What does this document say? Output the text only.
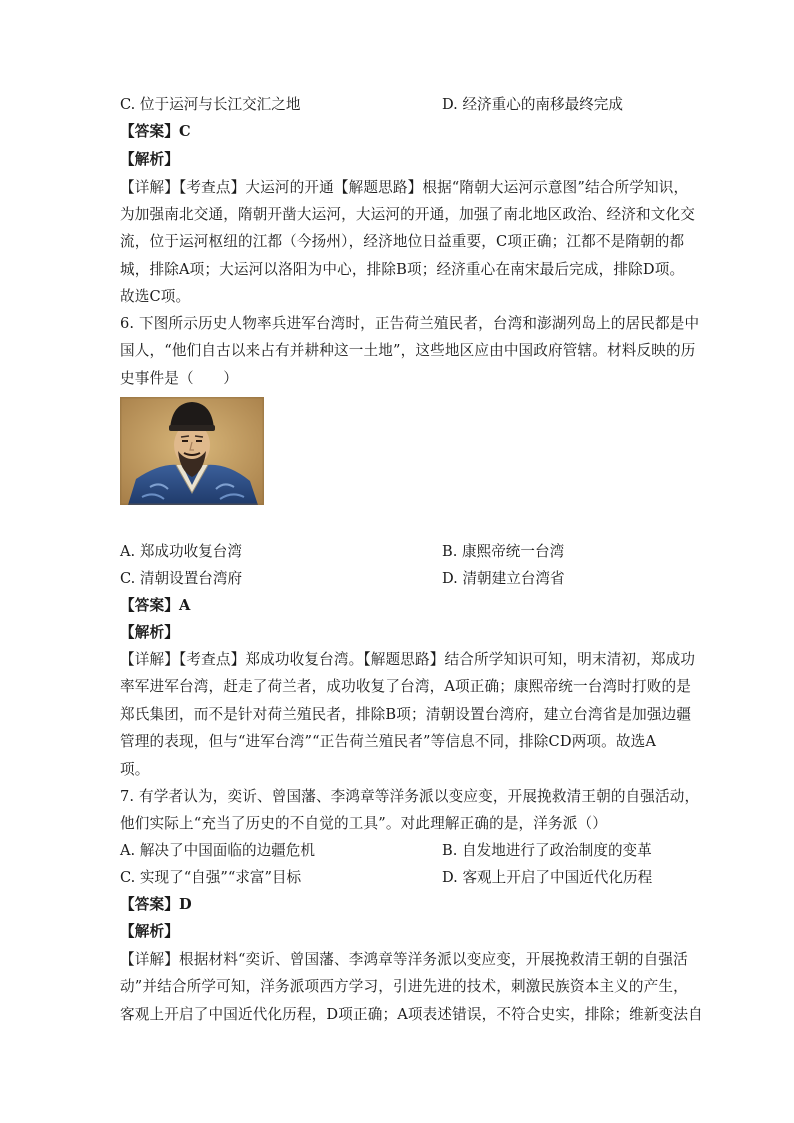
C. 位于运河与长江交汇之地	D. 经济重心的南移最终完成
【答案】C
【解析】
【详解】【考查点】大运河的开通【解题思路】根据“隋朝大运河示意图”结合所学知识，
为加强南北交通，隋朝开凿大运河，大运河的开通，加强了南北地区政治、经济和文化交
流，位于运河枢纽的江都（今扬州），经济地位日益重要，C项正确；江都不是隋朝的都
城，排除A项；大运河以洛阳为中心，排除B项；经济重心在南宋最后完成，排除D项。
故选C项。
6. 下图所示历史人物率兵进军台湾时，正告荷兰殖民者，台湾和澎湖列岛上的居民都是中
国人，“他们自古以来占有并耕种这一土地”，这些地区应由中国政府管辖。材料反映的历
史事件是（　　）
A. 郑成功收复台湾	B. 康熙帝统一台湾
C. 清朝设置台湾府	D. 清朝建立台湾省
【答案】A
【解析】
【详解】【考查点】郑成功收复台湾。【解题思路】结合所学知识可知，明末清初，郑成功
率军进军台湾，赶走了荷兰者，成功收复了台湾，A项正确；康熙帝统一台湾时打败的是
郑氏集团，而不是针对荷兰殖民者，排除B项；清朝设置台湾府，建立台湾省是加强边疆
管理的表现，但与“进军台湾”“正告荷兰殖民者”等信息不同，排除CD两项。故选A
项。
7. 有学者认为，奕䜣、曾国藩、李鸿章等洋务派以变应变，开展挽救清王朝的自强活动，
他们实际上“充当了历史的不自觉的工具”。对此理解正确的是，洋务派（）
A. 解决了中国面临的边疆危机	B. 自发地进行了政治制度的变革
C. 实现了“自强”“求富”目标	D. 客观上开启了中国近代化历程
【答案】D
【解析】
【详解】根据材料“奕䜣、曾国藩、李鸿章等洋务派以变应变，开展挽救清王朝的自强活
动”并结合所学可知，洋务派项西方学习，引进先进的技术，刺激民族资本主义的产生，
客观上开启了中国近代化历程，D项正确；A项表述错误，不符合史实，排除；维新变法自
